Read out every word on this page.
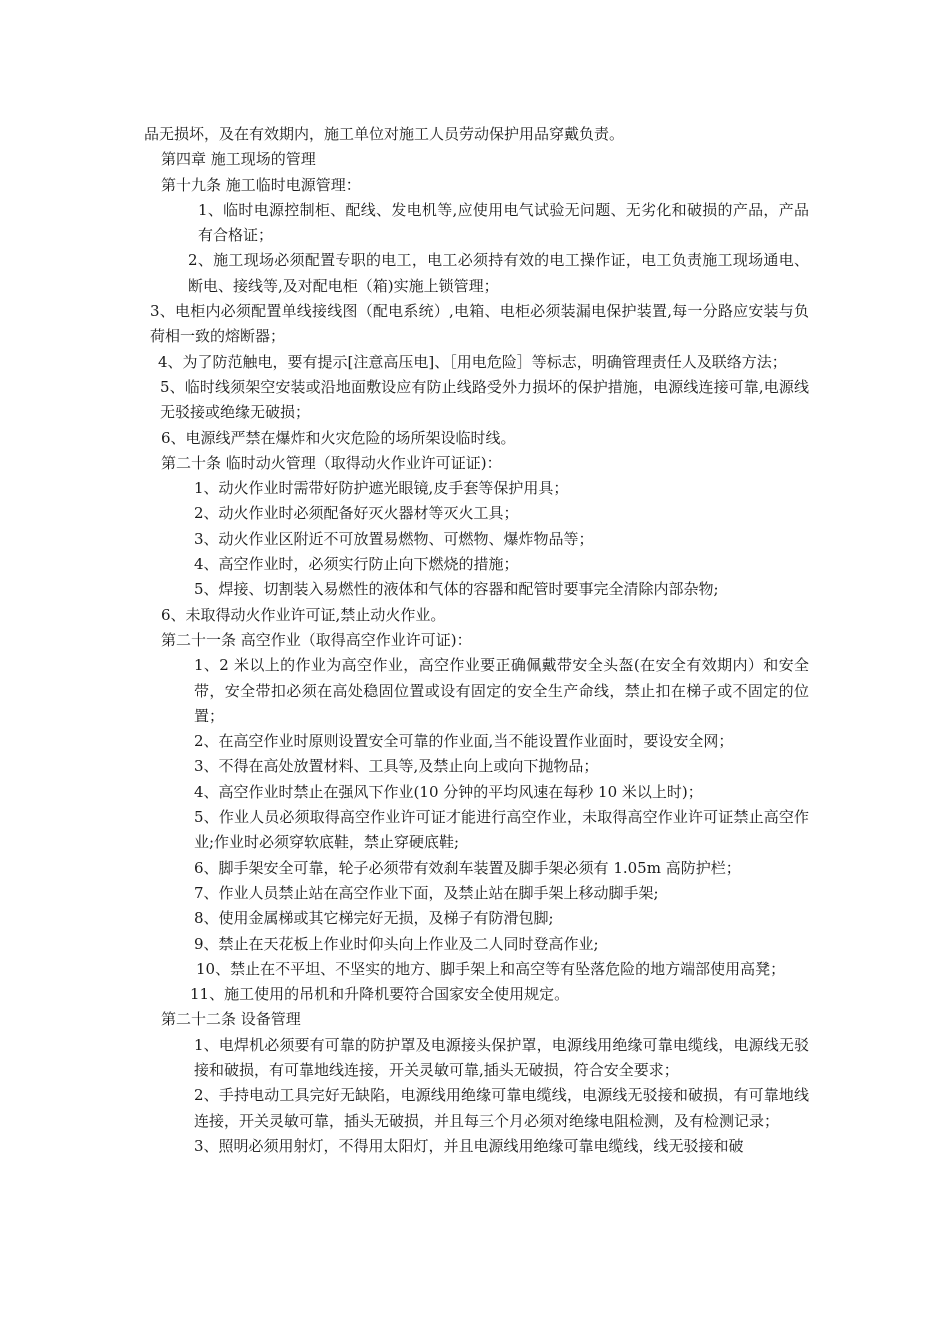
品无损坏，及在有效期内，施工单位对施工人员劳动保护用品穿戴负责。

第四章 施工现场的管理

第十九条 施工临时电源管理：

1、临时电源控制柜、配线、发电机等,应使用电气试验无问题、无劣化和破损的产品，产品有合格证；

2、施工现场必须配置专职的电工，电工必须持有效的电工操作证，电工负责施工现场通电、断电、接线等,及对配电柜（箱)实施上锁管理；

3、电柜内必须配置单线接线图（配电系统）,电箱、电柜必须装漏电保护装置,每一分路应安装与负荷相一致的熔断器；

4、为了防范触电，要有提示[注意高压电]、［用电危险］等标志，明确管理责任人及联络方法；

5、临时线须架空安装或沿地面敷设应有防止线路受外力损坏的保护措施，电源线连接可靠,电源线无驳接或绝缘无破损；

6、电源线严禁在爆炸和火灾危险的场所架设临时线。

第二十条 临时动火管理（取得动火作业许可证证)：

1、动火作业时需带好防护遮光眼镜,皮手套等保护用具；

2、动火作业时必须配备好灭火器材等灭火工具；

3、动火作业区附近不可放置易燃物、可燃物、爆炸物品等；

4、高空作业时，必须实行防止向下燃烧的措施；

5、焊接、切割装入易燃性的液体和气体的容器和配管时要事完全清除内部杂物;

6、未取得动火作业许可证,禁止动火作业。

第二十一条 高空作业（取得高空作业许可证)：

1、2 米以上的作业为高空作业，高空作业要正确佩戴带安全头盔(在安全有效期内）和安全带，安全带扣必须在高处稳固位置或设有固定的安全生产命线，禁止扣在梯子或不固定的位置；

2、在高空作业时原则设置安全可靠的作业面,当不能设置作业面时，要设安全网；

3、不得在高处放置材料、工具等,及禁止向上或向下抛物品；

4、高空作业时禁止在强风下作业(10 分钟的平均风速在每秒 10 米以上时)；

5、作业人员必须取得高空作业许可证才能进行高空作业，未取得高空作业许可证禁止高空作业;作业时必须穿软底鞋，禁止穿硬底鞋;

6、脚手架安全可靠，轮子必须带有效刹车装置及脚手架必须有 1.05m 高防护栏；

7、作业人员禁止站在高空作业下面，及禁止站在脚手架上移动脚手架;

8、使用金属梯或其它梯完好无损，及梯子有防滑包脚;

9、禁止在天花板上作业时仰头向上作业及二人同时登高作业;

10、禁止在不平坦、不坚实的地方、脚手架上和高空等有坠落危险的地方端部使用高凳；

11、施工使用的吊机和升降机要符合国家安全使用规定。

第二十二条 设备管理

1、电焊机必须要有可靠的防护罩及电源接头保护罩，电源线用绝缘可靠电缆线，电源线无驳接和破损，有可靠地线连接，开关灵敏可靠,插头无破损，符合安全要求；

2、手持电动工具完好无缺陷，电源线用绝缘可靠电缆线，电源线无驳接和破损，有可靠地线连接，开关灵敏可靠，插头无破损，并且每三个月必须对绝缘电阻检测，及有检测记录；

3、照明必须用射灯，不得用太阳灯，并且电源线用绝缘可靠电缆线，线无驳接和破
